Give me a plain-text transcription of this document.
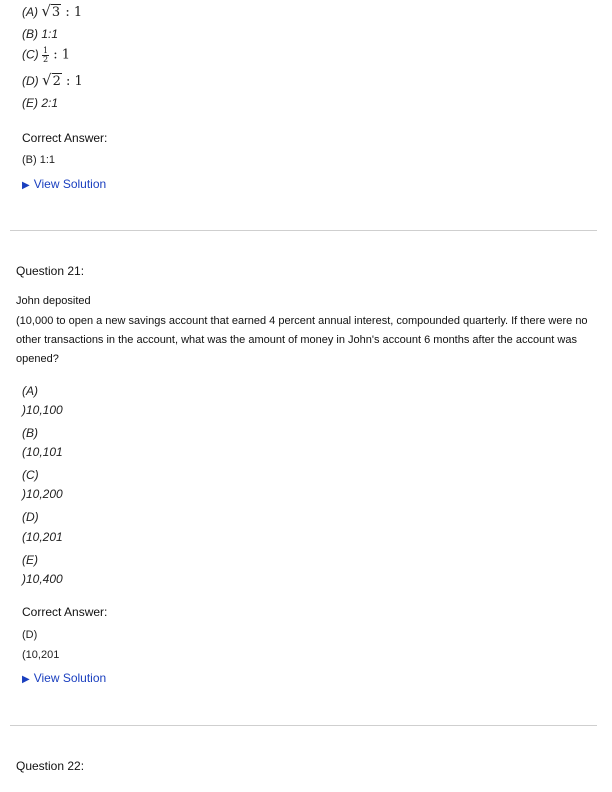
(A) √3 : 1
(B) 1:1
$(C) \frac{1}{2}$ : 1
(D) √2 : 1
(E) 2:1
Correct Answer:
(B) 1:1
▶ View Solution
Question 21:
John deposited
(10,000 to open a new savings account that earned 4 percent annual interest, compounded quarterly. If there were no other transactions in the account, what was the amount of money in John's account 6 months after the account was opened?
(A)
)10,100
(B)
(10,101
(C)
)10,200
(D)
(10,201
(E)
)10,400
Correct Answer:
(D)
(10,201
▶ View Solution
Question 22:
